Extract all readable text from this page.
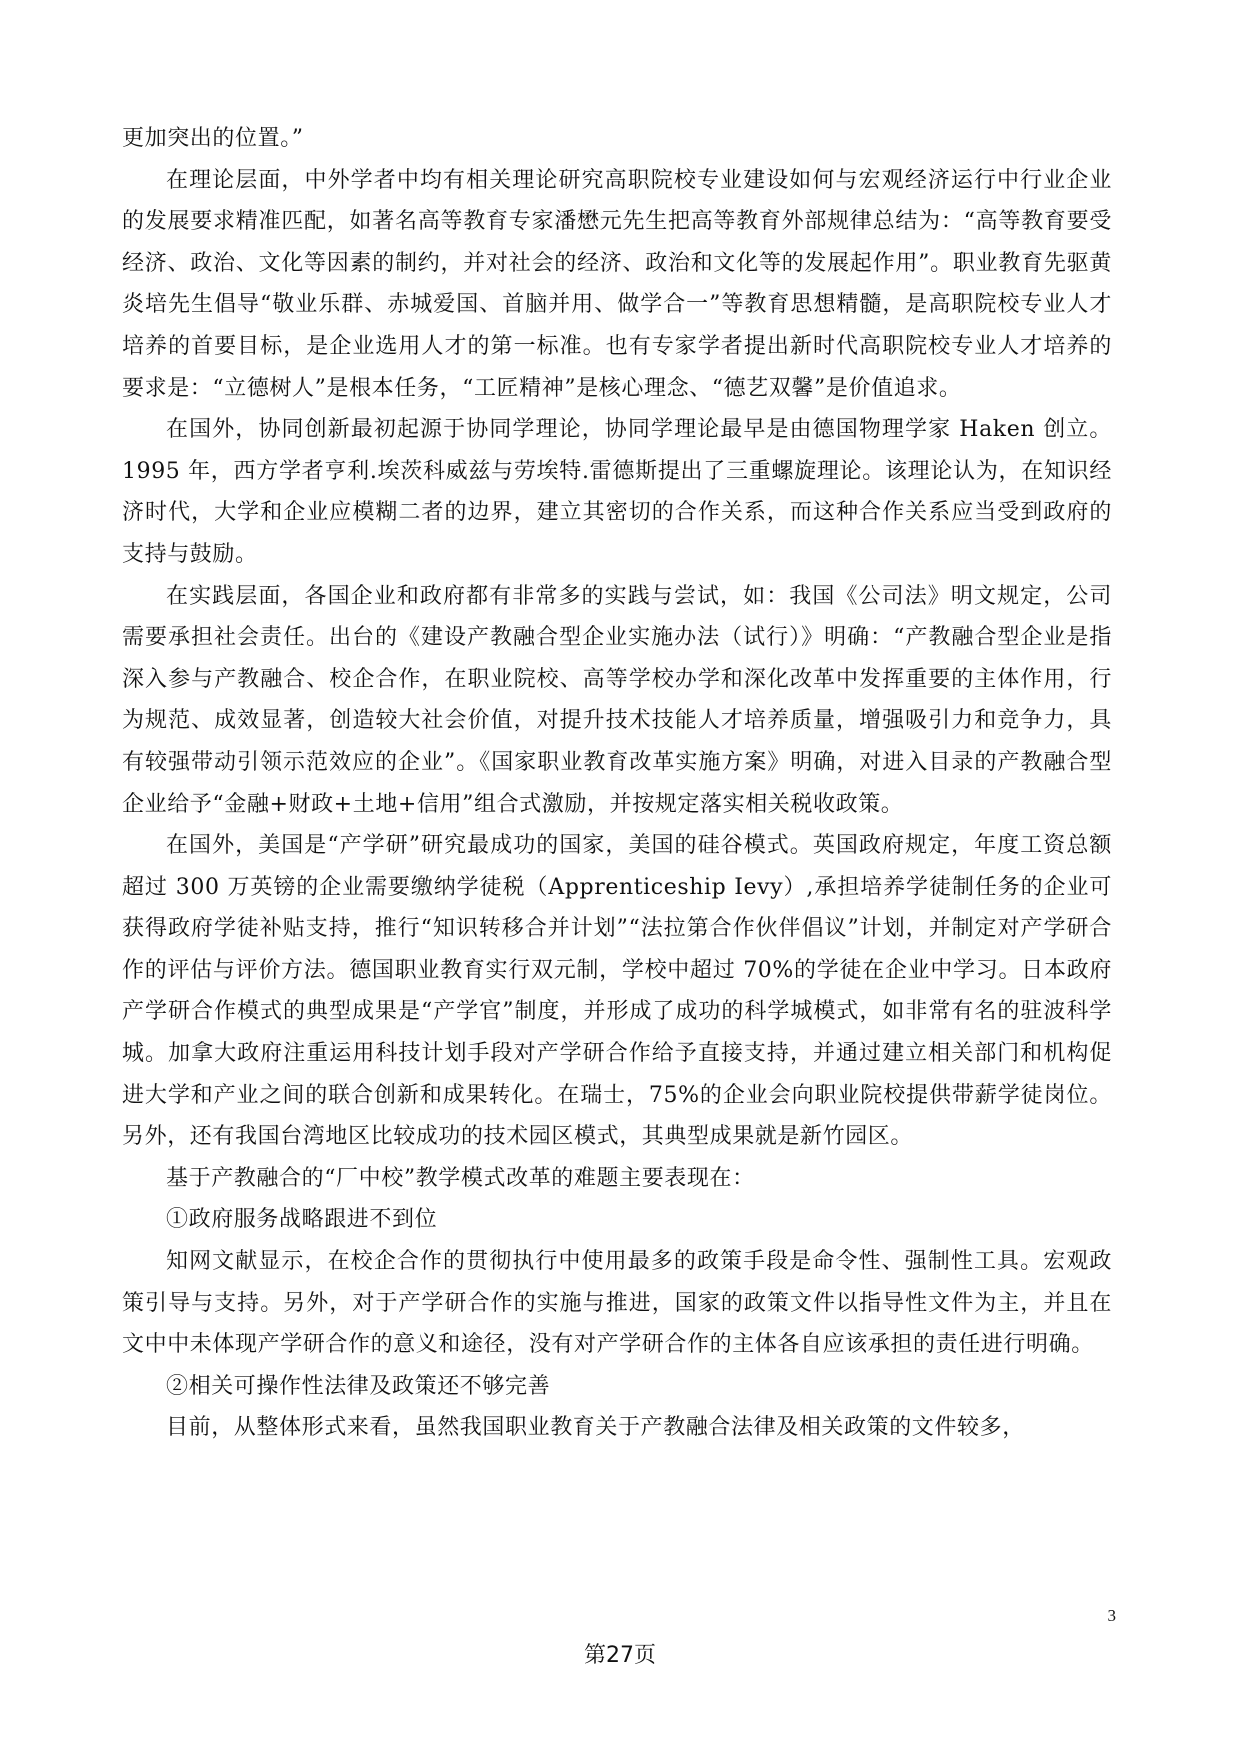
更加突出的位置。”

在理论层面，中外学者中均有相关理论研究高职院校专业建设如何与宏观经济运行中行业企业的发展要求精准匹配，如著名高等教育专家潘懋元先生把高等教育外部规律总结为：“高等教育要受经济、政治、文化等因素的制约，并对社会的经济、政治和文化等的发展起作用”。职业教育先驱黄炎培先生倡导“敬业乐群、赤城爱国、首脑并用、做学合一”等教育思想精髓，是高职院校专业人才培养的首要目标，是企业选用人才的第一标准。也有专家学者提出新时代高职院校专业人才培养的要求是：“立德树人”是根本任务，“工匠精神”是核心理念、“德艺双馨”是价值追求。

在国外，协同创新最初起源于协同学理论，协同学理论最早是由德国物理学家 Haken 创立。1995 年，西方学者亨利.埃茨科威兹与劳埃特.雷德斯提出了三重螺旋理论。该理论认为，在知识经济时代，大学和企业应模糊二者的边界，建立其密切的合作关系，而这种合作关系应当受到政府的支持与鼓励。

在实践层面，各国企业和政府都有非常多的实践与尝试，如：我国《公司法》明文规定，公司需要承担社会责任。出台的《建设产教融合型企业实施办法（试行）》明确：“产教融合型企业是指深入参与产教融合、校企合作，在职业院校、高等学校办学和深化改革中发挥重要的主体作用，行为规范、成效显著，创造较大社会价值，对提升技术技能人才培养质量，增强吸引力和竞争力，具有较强带动引领示范效应的企业”。《国家职业教育改革实施方案》明确，对进入目录的产教融合型企业给予“金融+财政+土地+信用”组合式激励，并按规定落实相关税收政策。

在国外，美国是“产学研”研究最成功的国家，美国的硅谷模式。英国政府规定，年度工资总额超过 300 万英镑的企业需要缴纳学徒税（Apprenticeship Ievy）,承担培养学徒制任务的企业可获得政府学徒补贴支持，推行“知识转移合并计划”“法拉第合作伙伴倡议”计划，并制定对产学研合作的评估与评价方法。德国职业教育实行双元制，学校中超过 70%的学徒在企业中学习。日本政府产学研合作模式的典型成果是“产学官”制度，并形成了成功的科学城模式，如非常有名的驻波科学城。加拿大政府注重运用科技计划手段对产学研合作给予直接支持，并通过建立相关部门和机构促进大学和产业之间的联合创新和成果转化。在瑞士，75%的企业会向职业院校提供带薪学徒岗位。另外，还有我国台湾地区比较成功的技术园区模式，其典型成果就是新竹园区。

基于产教融合的“厂中校”教学模式改革的难题主要表现在：

①政府服务战略跟进不到位

知网文献显示，在校企合作的贯彻执行中使用最多的政策手段是命令性、强制性工具。宏观政策引导与支持。另外，对于产学研合作的实施与推进，国家的政策文件以指导性文件为主，并且在文中中未体现产学研合作的意义和途径，没有对产学研合作的主体各自应该承担的责任进行明确。

②相关可操作性法律及政策还不够完善

目前，从整体形式来看，虽然我国职业教育关于产教融合法律及相关政策的文件较多，

3
第27页
